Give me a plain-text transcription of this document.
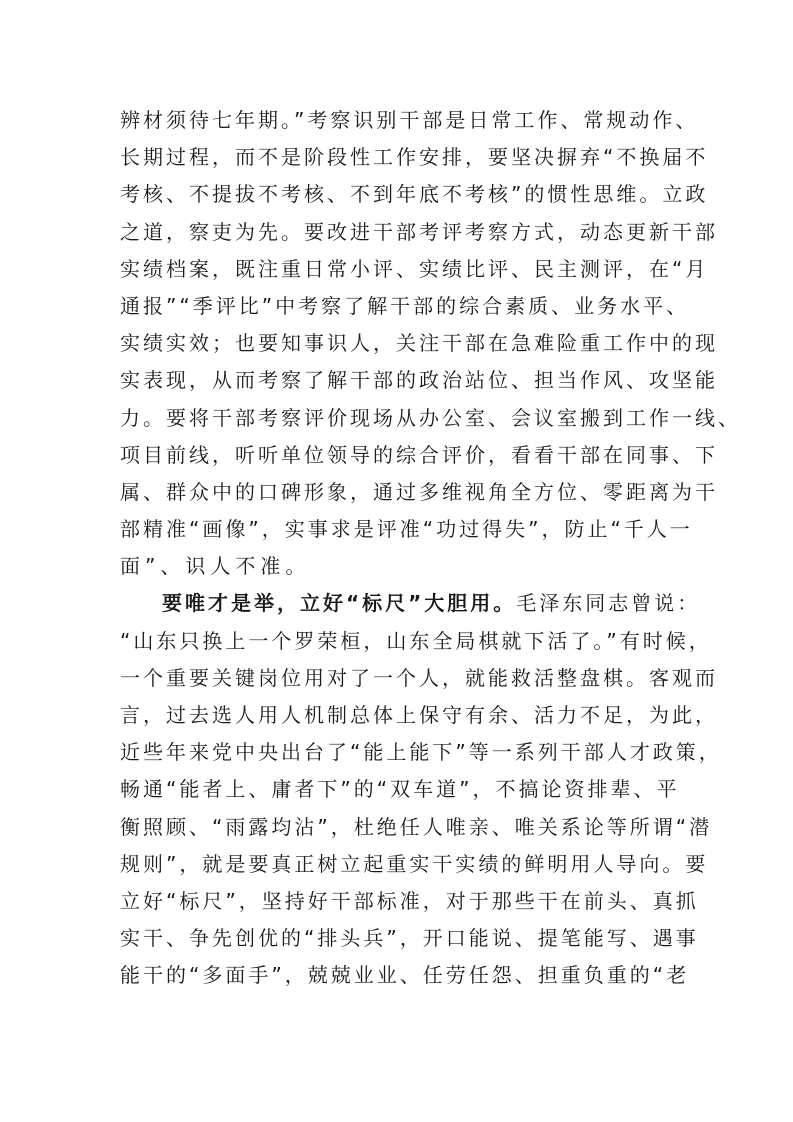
辨材须待七年期。”考察识别干部是日常工作、常规动作、
长期过程，而不是阶段性工作安排，要坚决摒弃“不换届不
考核、不提拔不考核、不到年底不考核”的惯性思维。立政
之道，察吏为先。要改进干部考评考察方式，动态更新干部
实绩档案，既注重日常小评、实绩比评、民主测评，在“月
通报”“季评比”中考察了解干部的综合素质、业务水平、
实绩实效；也要知事识人，关注干部在急难险重工作中的现
实表现，从而考察了解干部的政治站位、担当作风、攻坚能
力。要将干部考察评价现场从办公室、会议室搬到工作一线、
项目前线，听听单位领导的综合评价，看看干部在同事、下
属、群众中的口碑形象，通过多维视角全方位、零距离为干
部精准“画像”，实事求是评准“功过得失”，防止“千人一
面”、识人不准。
要唯才是举，立好“标尺”大胆用。毛泽东同志曾说：
“山东只换上一个罗荣桓，山东全局棋就下活了。”有时候，
一个重要关键岗位用对了一个人，就能救活整盘棋。客观而
言，过去选人用人机制总体上保守有余、活力不足，为此，
近些年来党中央出台了“能上能下”等一系列干部人才政策，
畅通“能者上、庸者下”的“双车道”，不搞论资排辈、平
衡照顾、“雨露均沾”，杜绝任人唯亲、唯关系论等所谓“潜
规则”，就是要真正树立起重实干实绩的鲜明用人导向。要
立好“标尺”，坚持好干部标准，对于那些干在前头、真抓
实干、争先创优的“排头兵”，开口能说、提笔能写、遇事
能干的“多面手”，兢兢业业、任劳任怨、担重负重的“老
